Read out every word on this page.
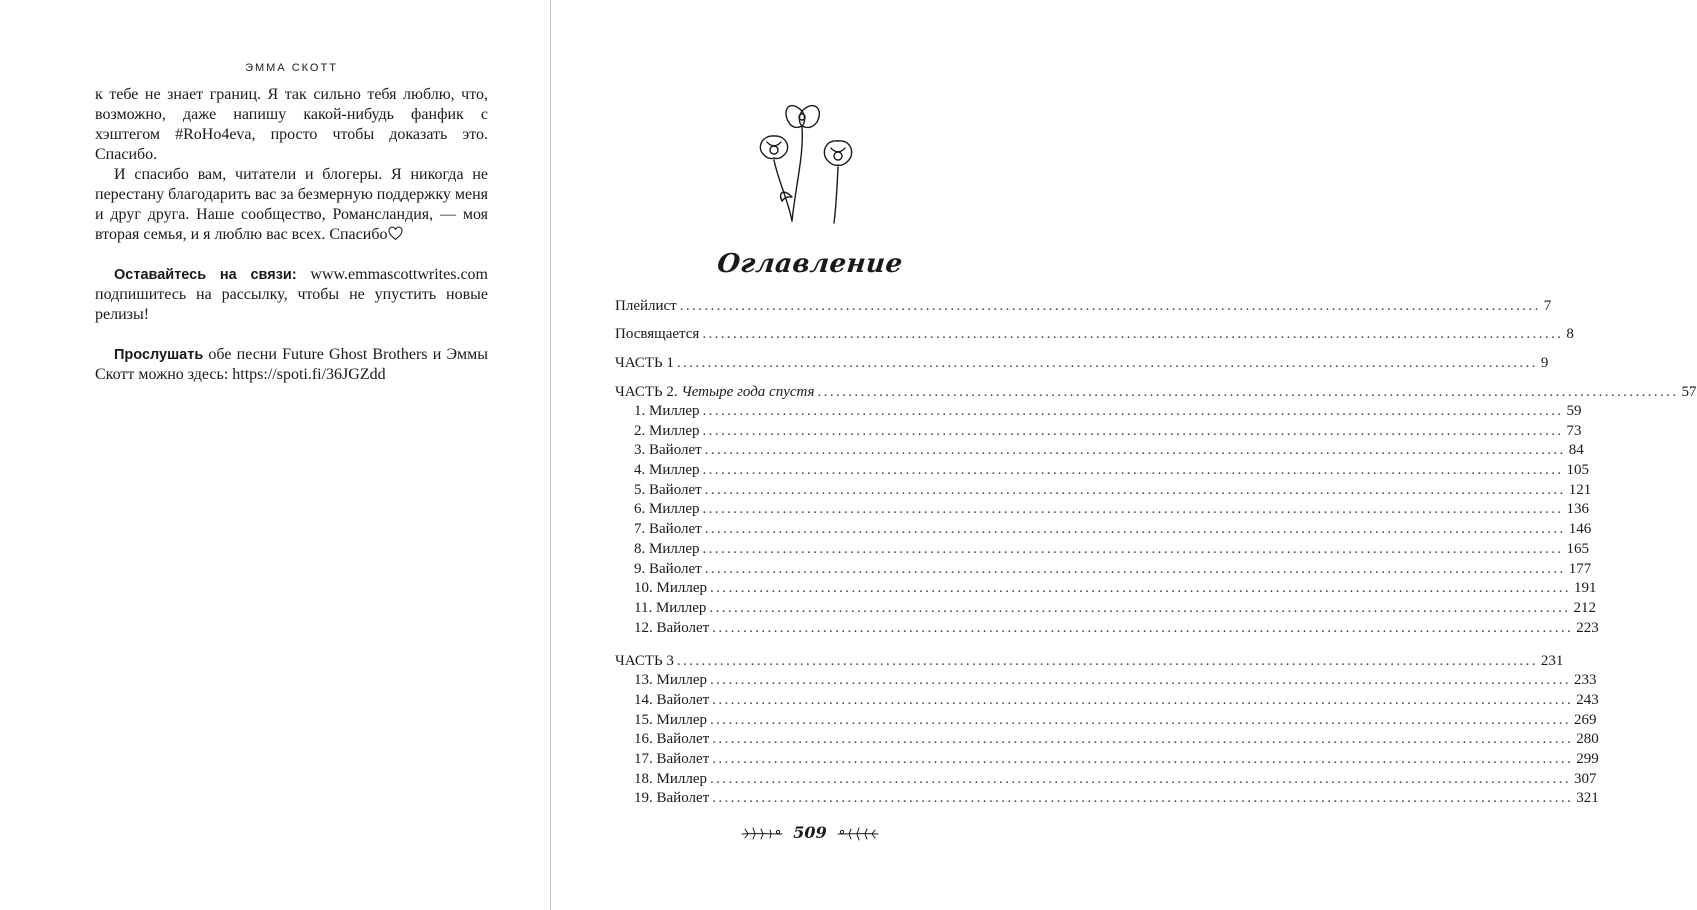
ЭММА СКОТТ

к тебе не знает границ. Я так сильно тебя люблю, что, возможно, даже напишу какой-нибудь фанфик с хэштегом #RoHo4eva, просто чтобы доказать это. Спасибо.

И спасибо вам, читатели и блогеры. Я никогда не перестану благодарить вас за безмерную поддержку меня и друг друга. Наше сообщество, Романсландия, — моя вторая семья, и я люблю вас всех. Спасибо

Оставайтесь на связи: www.emmascottwrites.com подпишитесь на рассылку, чтобы не упустить новые релизы!

Прослушать обе песни Future Ghost Brothers и Эммы Скотт можно здесь: https://spoti.fi/36JGZdd

Оглавление
Плейлист ............................................................................................................................................ 7
Посвящается ............................................................................................................................................ 8
ЧАСТЬ 1 ............................................................................................................................................ 9
ЧАСТЬ 2. Четыре года спустя ............................................................................................................................................ 57
1. Миллер ............................................................................................................................................ 59
2. Миллер ............................................................................................................................................ 73
3. Вайолет ............................................................................................................................................ 84
4. Миллер ............................................................................................................................................ 105
5. Вайолет ............................................................................................................................................ 121
6. Миллер ............................................................................................................................................ 136
7. Вайолет ............................................................................................................................................ 146
8. Миллер ............................................................................................................................................ 165
9. Вайолет ............................................................................................................................................ 177
10. Миллер ............................................................................................................................................ 191
11. Миллер ............................................................................................................................................ 212
12. Вайолет ............................................................................................................................................ 223
ЧАСТЬ 3 ............................................................................................................................................ 231
13. Миллер ............................................................................................................................................ 233
14. Вайолет ............................................................................................................................................ 243
15. Миллер ............................................................................................................................................ 269
16. Вайолет ............................................................................................................................................ 280
17. Вайолет ............................................................................................................................................ 299
18. Миллер ............................................................................................................................................ 307
19. Вайолет ............................................................................................................................................ 321
509
